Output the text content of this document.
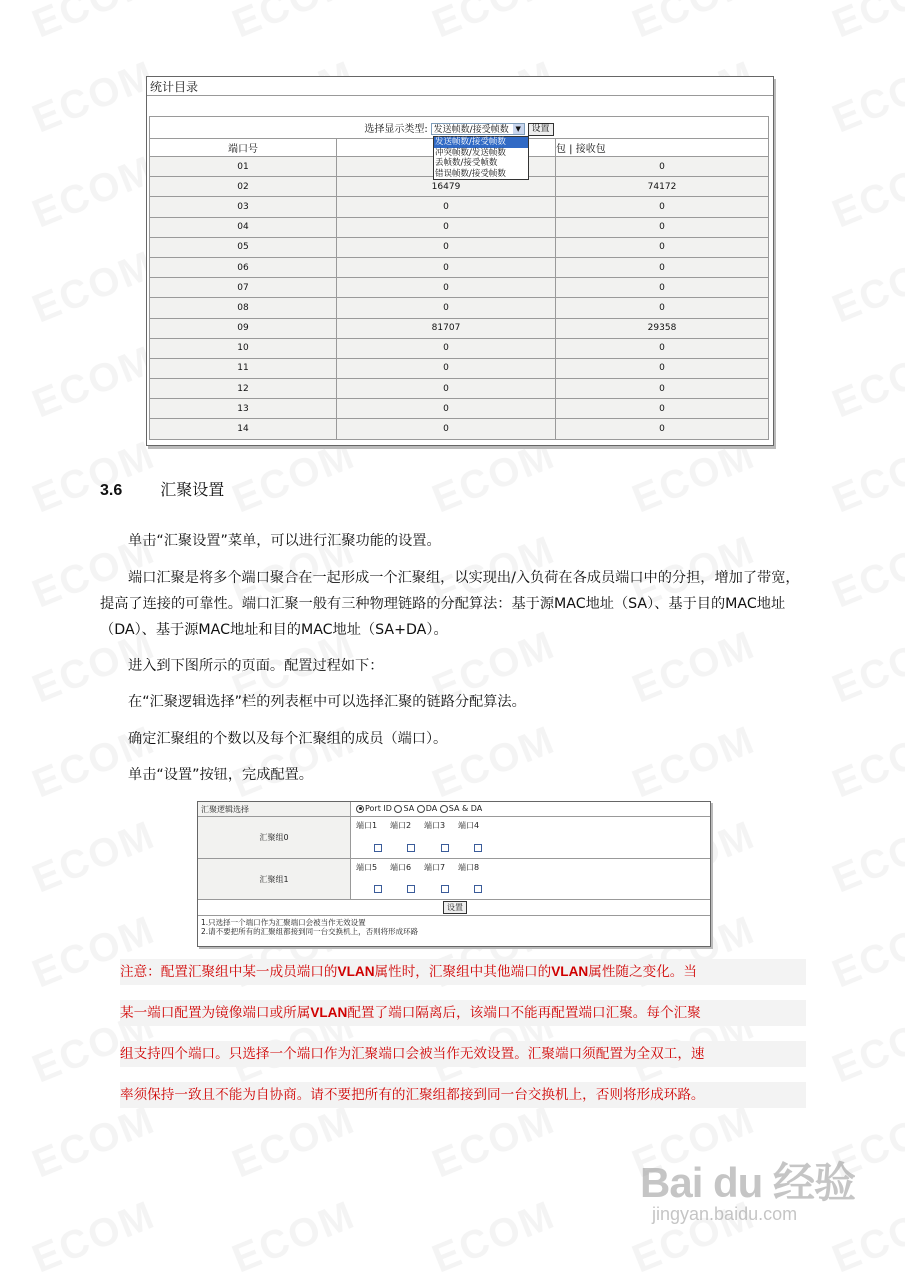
统计目录
选择显示类型: 发送帧数/接受帧数 ▼ 设置		
端口号		包 | 接收包
01		0
02	16479	74172
03	0	0
04	0	0
05	0	0
06	0	0
07	0	0
08	0	0
09	81707	29358
10	0	0
11	0	0
12	0	0
13	0	0
14	0	0
发送帧数/接受帧数
冲突帧数/发送帧数
丢帧数/接受帧数
错误帧数/接受帧数
3.6 汇聚设置
单击“汇聚设置”菜单，可以进行汇聚功能的设置。
端口汇聚是将多个端口聚合在一起形成一个汇聚组，以实现出/入负荷在各成员端口中的分担，增加了带宽，提高了连接的可靠性。端口汇聚一般有三种物理链路的分配算法：基于源MAC地址（SA）、基于目的MAC地址（DA）、基于源MAC地址和目的MAC地址（SA+DA）。
进入到下图所示的页面。配置过程如下：
在“汇聚逻辑选择”栏的列表框中可以选择汇聚的链路分配算法。
确定汇聚组的个数以及每个汇聚组的成员（端口）。
单击“设置”按钮，完成配置。
汇聚逻辑选择	Port ID SA DA SA & DA
汇聚组0
端口1 端口2 端口3 端口4
汇聚组1
端口5 端口6 端口7 端口8
设置
1.只选择一个端口作为汇聚端口会被当作无效设置
2.请不要把所有的汇聚组都接到同一台交换机上，否则将形成环路
注意：配置汇聚组中某一成员端口的VLAN属性时，汇聚组中其他端口的VLAN属性随之变化。当
某一端口配置为镜像端口或所属VLAN配置了端口隔离后，该端口不能再配置端口汇聚。每个汇聚
组支持四个端口。只选择一个端口作为汇聚端口会被当作无效设置。汇聚端口须配置为全双工，速
率须保持一致且不能为自协商。请不要把所有的汇聚组都接到同一台交换机上，否则将形成环路。
Bai du 经验
jingyan.baidu.com
